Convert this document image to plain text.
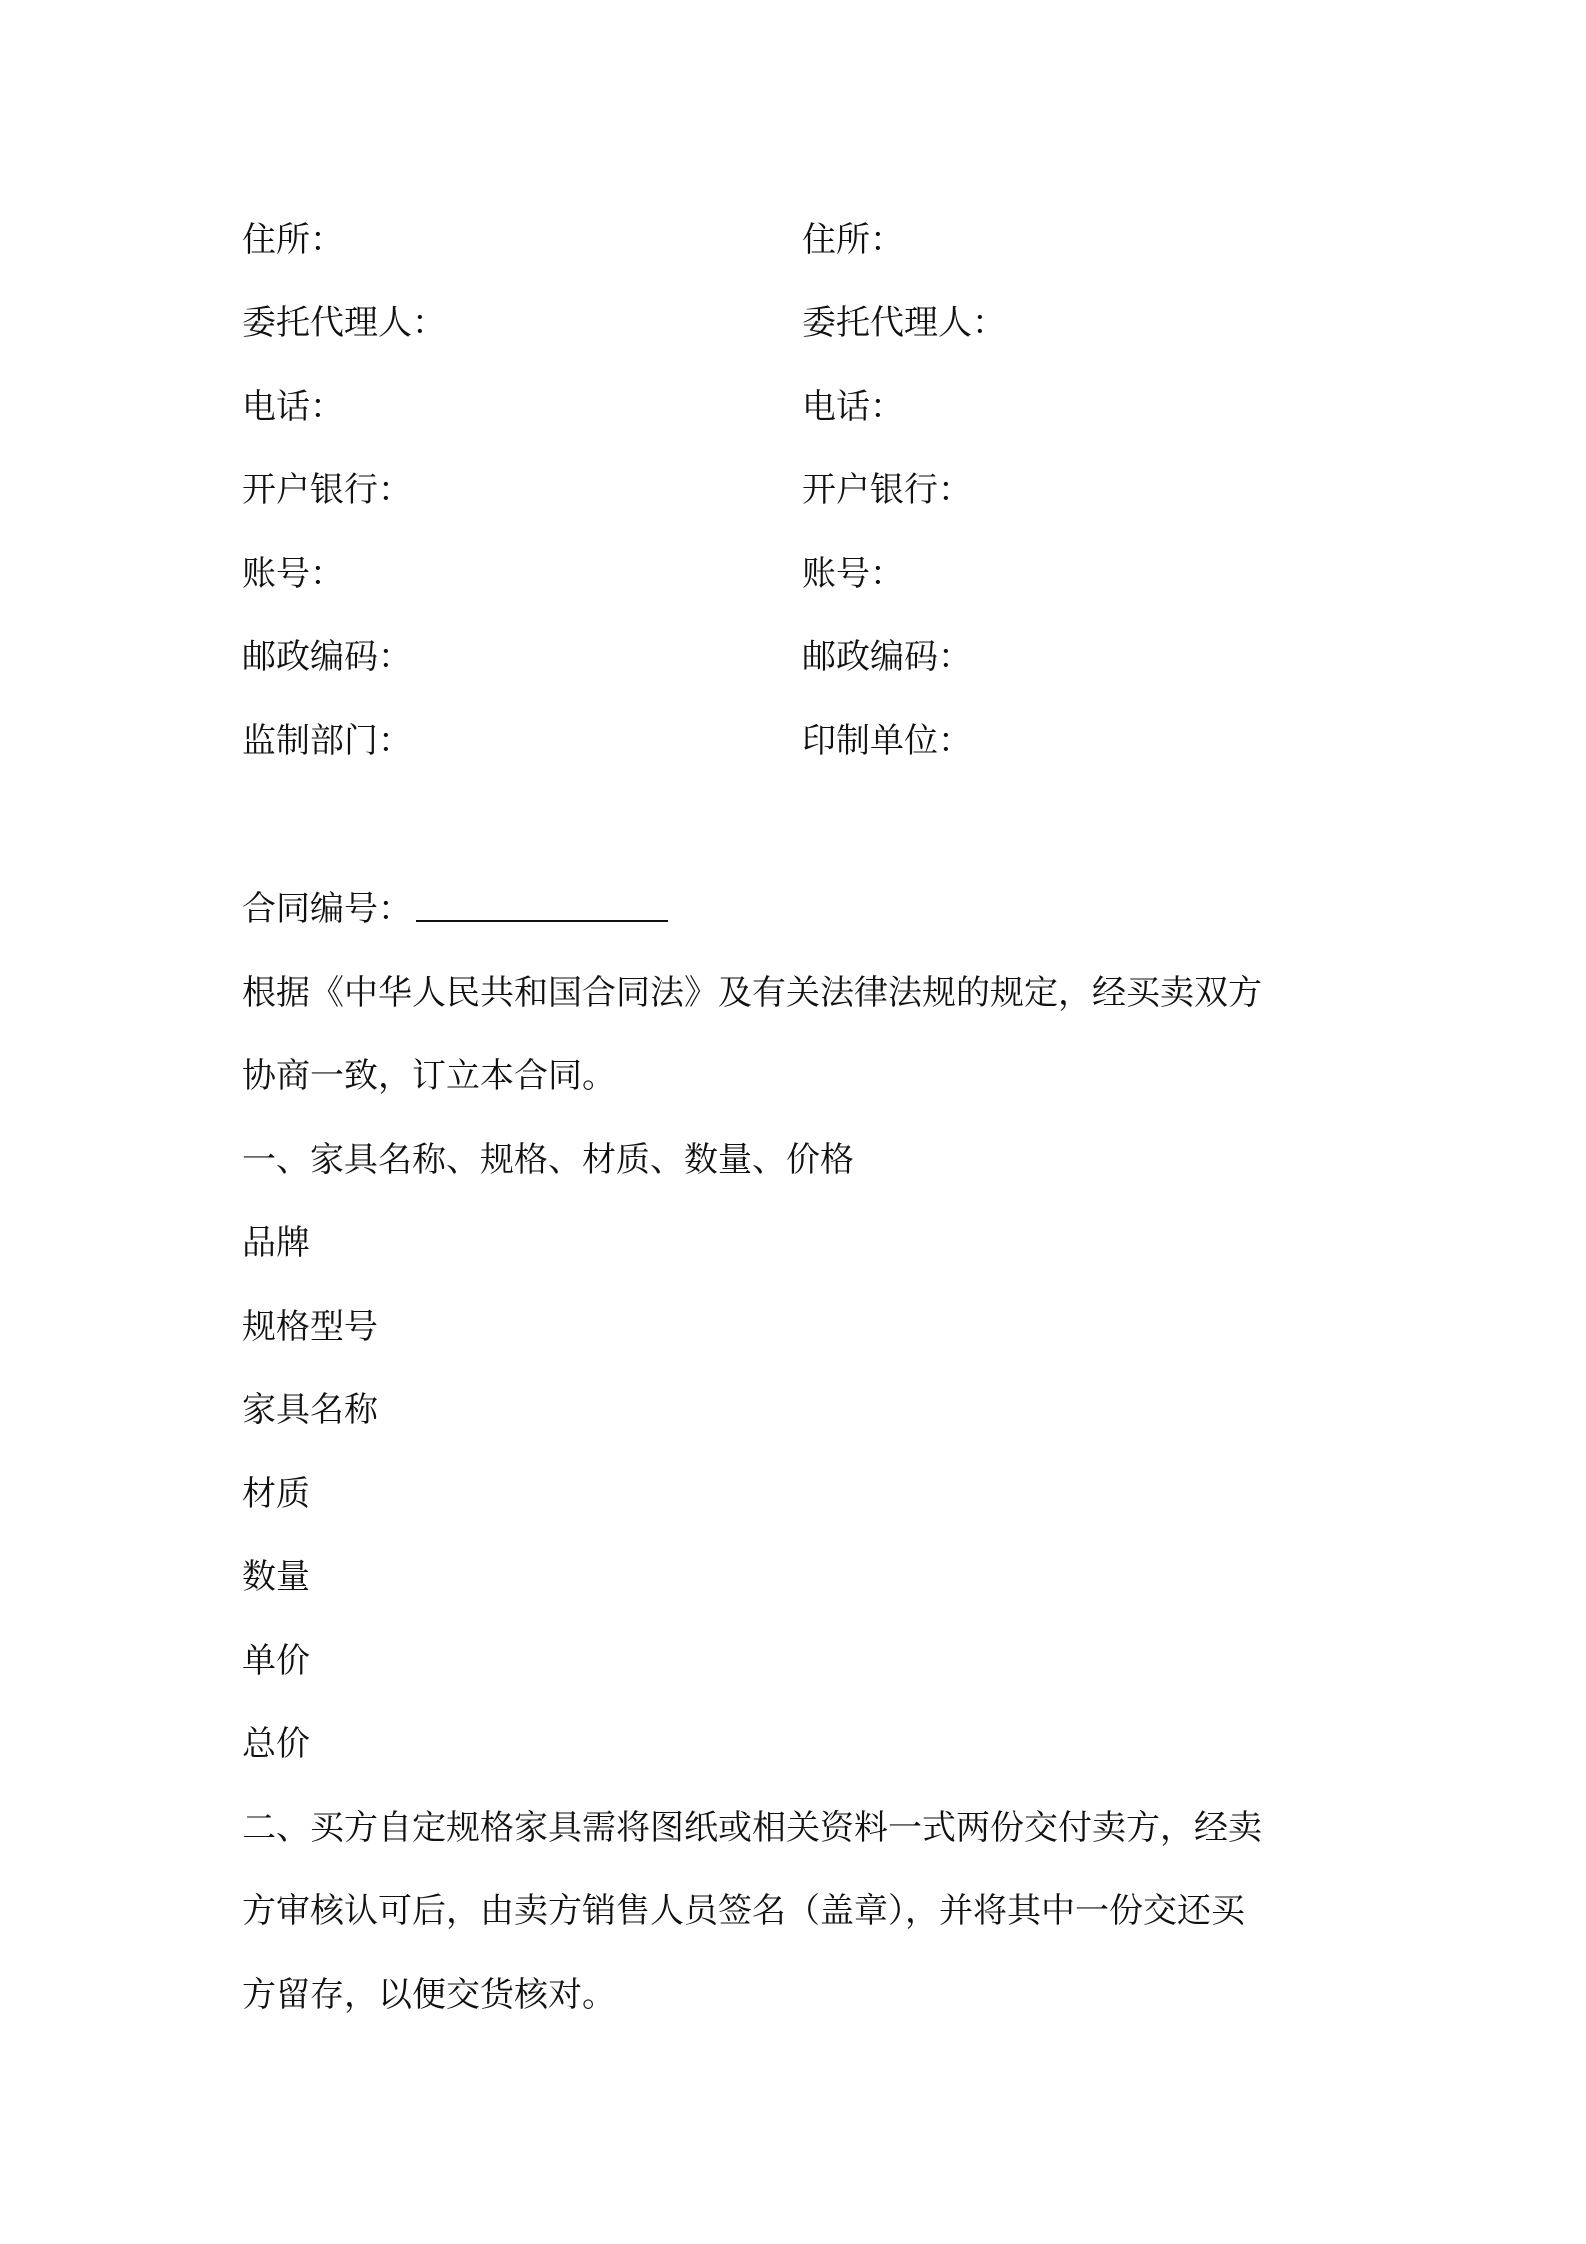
住所：	住所：
委托代理人：	委托代理人：
电话：	电话：
开户银行：	开户银行：
账号：	账号：
邮政编码：	邮政编码：
监制部门：	印制单位：
合同编号：
根据《中华人民共和国合同法》及有关法律法规的规定，经买卖双方
协商一致，订立本合同。
一、家具名称、规格、材质、数量、价格
品牌
规格型号
家具名称
材质
数量
单价
总价
二、买方自定规格家具需将图纸或相关资料一式两份交付卖方，经卖
方审核认可后，由卖方销售人员签名（盖章），并将其中一份交还买
方留存，以便交货核对。
